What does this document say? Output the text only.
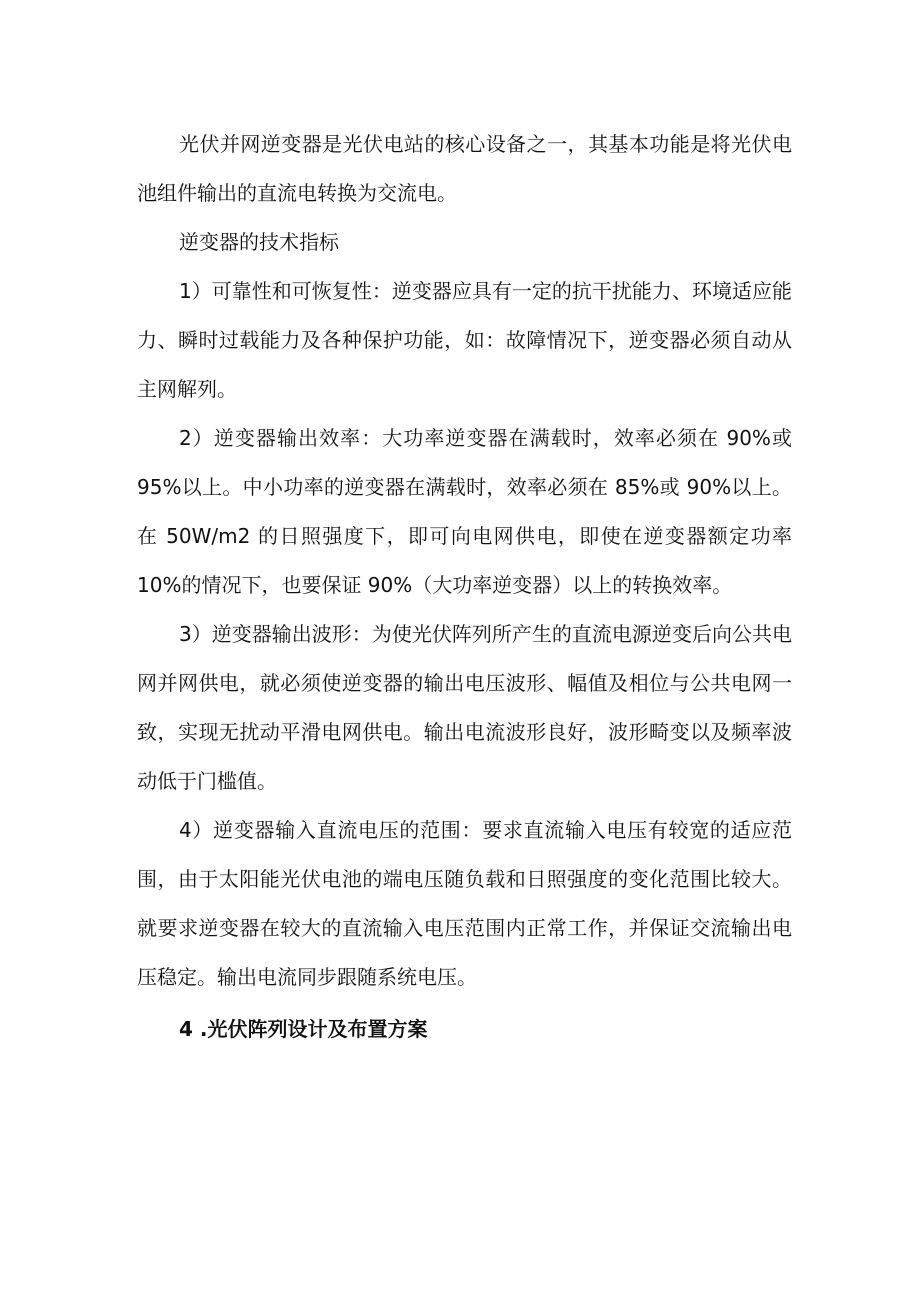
光伏并网逆变器是光伏电站的核心设备之一，其基本功能是将光伏电池组件输出的直流电转换为交流电。

逆变器的技术指标

1）可靠性和可恢复性：逆变器应具有一定的抗干扰能力、环境适应能力、瞬时过载能力及各种保护功能，如：故障情况下，逆变器必须自动从主网解列。

2）逆变器输出效率：大功率逆变器在满载时，效率必须在 90%或 95%以上。中小功率的逆变器在满载时，效率必须在 85%或 90%以上。在 50W/m2 的日照强度下，即可向电网供电，即使在逆变器额定功率 10%的情况下，也要保证 90%（大功率逆变器）以上的转换效率。

3）逆变器输出波形：为使光伏阵列所产生的直流电源逆变后向公共电网并网供电，就必须使逆变器的输出电压波形、幅值及相位与公共电网一致，实现无扰动平滑电网供电。输出电流波形良好，波形畸变以及频率波动低于门槛值。

4）逆变器输入直流电压的范围：要求直流输入电压有较宽的适应范围，由于太阳能光伏电池的端电压随负载和日照强度的变化范围比较大。就要求逆变器在较大的直流输入电压范围内正常工作，并保证交流输出电压稳定。输出电流同步跟随系统电压。

4 .光伏阵列设计及布置方案
